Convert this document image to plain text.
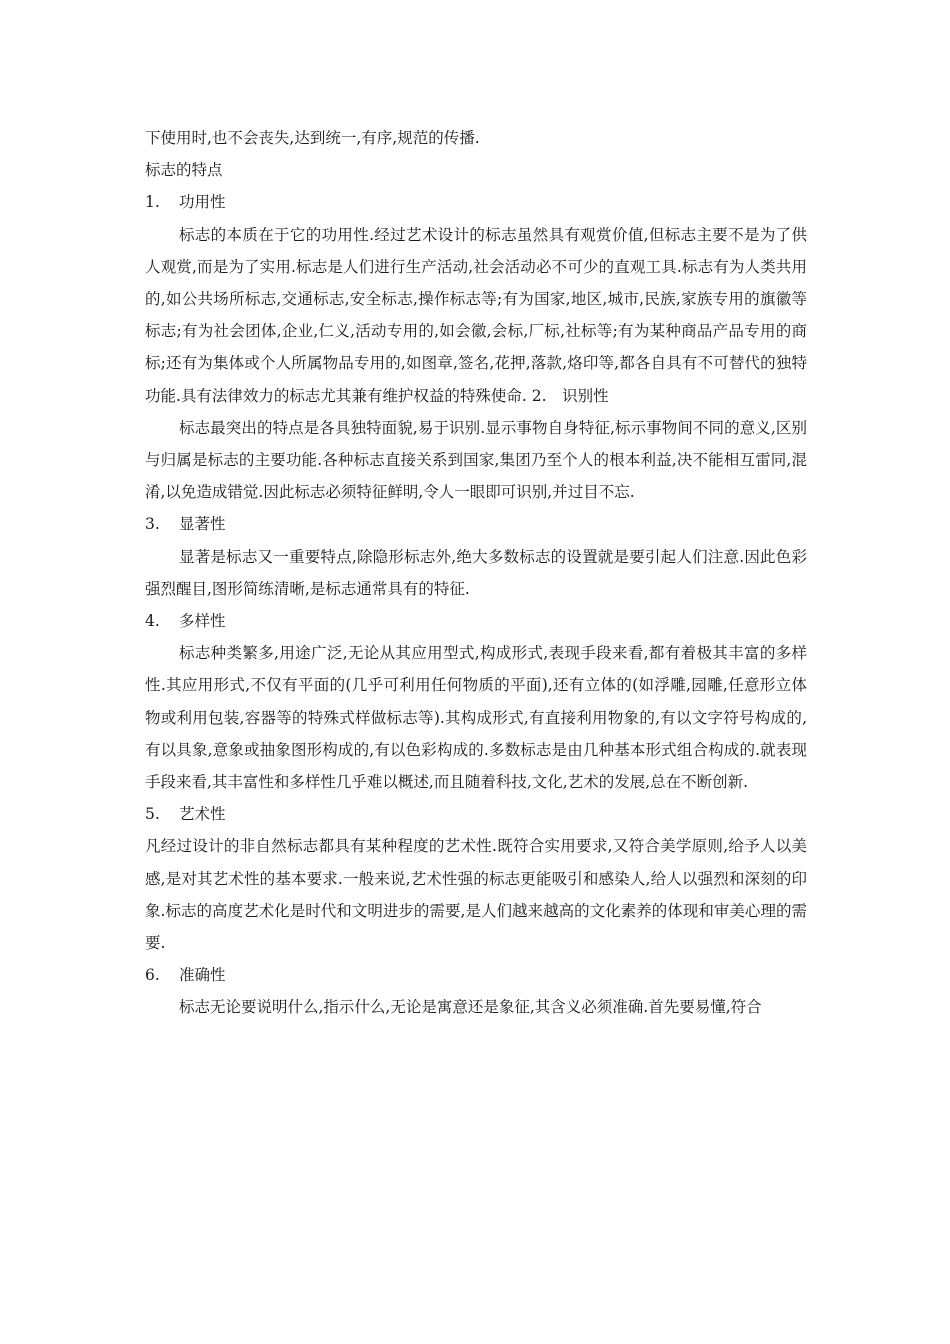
下使用时,也不会丧失,达到统一,有序,规范的传播.

标志的特点

1. 功用性

标志的本质在于它的功用性.经过艺术设计的标志虽然具有观赏价值,但标志主要不是为了供人观赏,而是为了实用.标志是人们进行生产活动,社会活动必不可少的直观工具.标志有为人类共用的,如公共场所标志,交通标志,安全标志,操作标志等;有为国家,地区,城市,民族,家族专用的旗徽等标志;有为社会团体,企业,仁义,活动专用的,如会徽,会标,厂标,社标等;有为某种商品产品专用的商标;还有为集体或个人所属物品专用的,如图章,签名,花押,落款,烙印等,都各自具有不可替代的独特功能.具有法律效力的标志尤其兼有维护权益的特殊使命. 2.　识别性

标志最突出的特点是各具独特面貌,易于识别.显示事物自身特征,标示事物间不同的意义,区别与归属是标志的主要功能.各种标志直接关系到国家,集团乃至个人的根本利益,决不能相互雷同,混淆,以免造成错觉.因此标志必须特征鲜明,令人一眼即可识别,并过目不忘.

3. 显著性

显著是标志又一重要特点,除隐形标志外,绝大多数标志的设置就是要引起人们注意.因此色彩强烈醒目,图形简练清晰,是标志通常具有的特征.

4. 多样性

标志种类繁多,用途广泛,无论从其应用型式,构成形式,表现手段来看,都有着极其丰富的多样性.其应用形式,不仅有平面的(几乎可利用任何物质的平面),还有立体的(如浮雕,园雕,任意形立体物或利用包装,容器等的特殊式样做标志等).其构成形式,有直接利用物象的,有以文字符号构成的,有以具象,意象或抽象图形构成的,有以色彩构成的.多数标志是由几种基本形式组合构成的.就表现手段来看,其丰富性和多样性几乎难以概述,而且随着科技,文化,艺术的发展,总在不断创新.

5. 艺术性

凡经过设计的非自然标志都具有某种程度的艺术性.既符合实用要求,又符合美学原则,给予人以美感,是对其艺术性的基本要求.一般来说,艺术性强的标志更能吸引和感染人,给人以强烈和深刻的印象.标志的高度艺术化是时代和文明进步的需要,是人们越来越高的文化素养的体现和审美心理的需要.

6. 准确性

标志无论要说明什么,指示什么,无论是寓意还是象征,其含义必须准确.首先要易懂,符合
